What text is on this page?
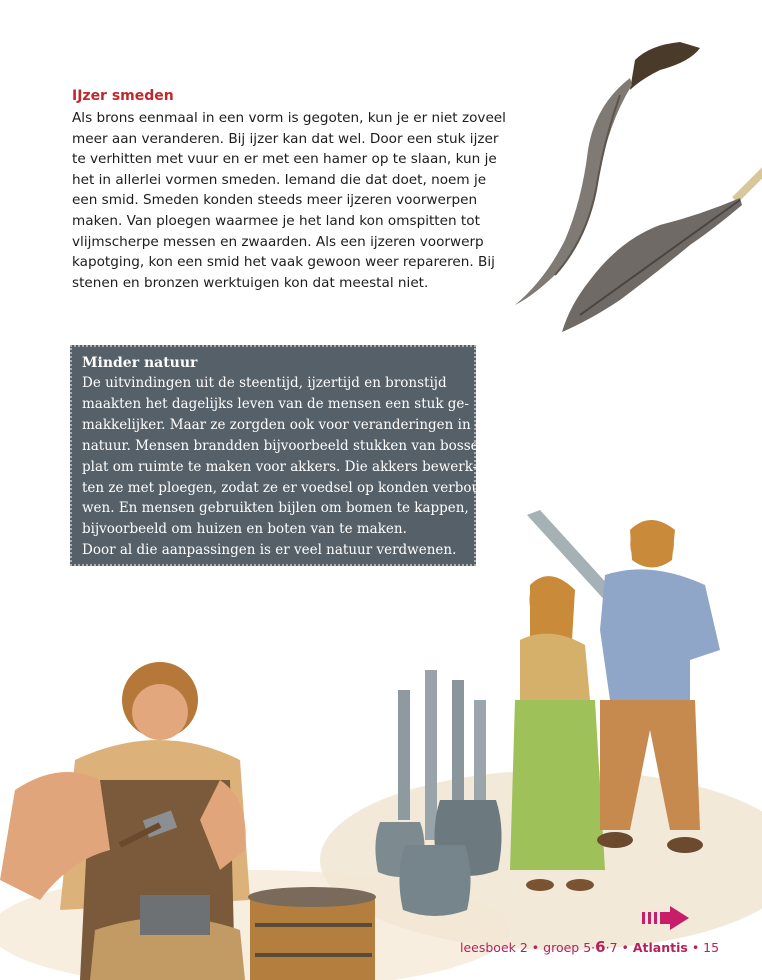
IJzer smeden
Als brons eenmaal in een vorm is gegoten, kun je er niet zoveel
meer aan veranderen. Bij ijzer kan dat wel. Door een stuk ijzer
te verhitten met vuur en er met een hamer op te slaan, kun je
het in allerlei vormen smeden. Iemand die dat doet, noem je
een smid. Smeden konden steeds meer ijzeren voorwerpen
maken. Van ploegen waarmee je het land kon omspitten tot
vlijmscherpe messen en zwaarden. Als een ijzeren voorwerp
kapotging, kon een smid het vaak gewoon weer repareren. Bij
stenen en bronzen werktuigen kon dat meestal niet.
Minder natuur
De uitvindingen uit de steentijd, ijzertijd en bronstijd
maakten het dagelijks leven van de mensen een stuk ge-
makkelijker. Maar ze zorgden ook voor veranderingen in de
natuur. Mensen brandden bijvoorbeeld stukken van bossen
plat om ruimte te maken voor akkers. Die akkers bewerk-
ten ze met ploegen, zodat ze er voedsel op konden verbou-
wen. En mensen gebruikten bijlen om bomen te kappen,
bijvoorbeeld om huizen en boten van te maken.
Door al die aanpassingen is er veel natuur verdwenen.
leesboek 2 • groep 5·6·7 • Atlantis • 15
